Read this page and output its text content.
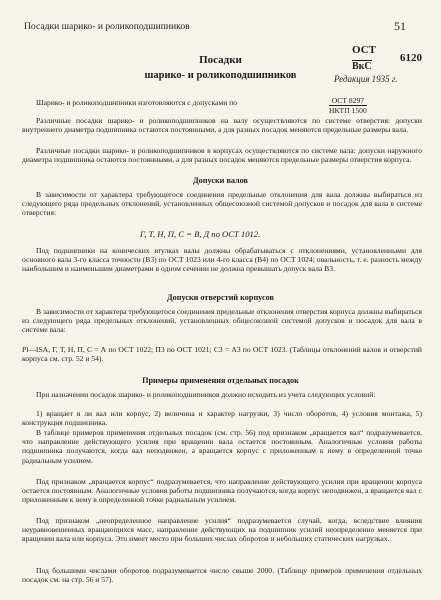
Посадки шарико- и роликоподшипников	51
Посадки
шарико- и роликоподшипников
ОСТ
ВкС
6120
Редакция 1935 г.

Шарико- и роликоподшипники изготовляются с допусками по	ОСТ 8297
НКТП 1500

Различные посадки шарико- и роликоподшипников на валу осуществляются по системе отверстия: допуски внутреннего диаметра подшипника остаются постоянными, а для разных посадок меняются предельные размеры вала.

Различные посадки шарико- и роликоподшипников в корпусах осуществляются по системе вала: допуски наружного диаметра подшипника остаются постоянными, а для разных посадок меняются предельные размеры отверстия корпуса.

Допуски валов

В зависимости от характера требующегося соединения предельные отклонения для вала должны выбираться из следующего ряда предельных отклонений, установленных общесоюзной системой допусков и посадок для вала в системе отверстия:

Г, Т, Н, П, С = В, Д по ОСТ 1012.

Под подшипники на конических втулках валы должны обрабатываться с отклонениями, установленными для основного вала 3-го класса точности (В3) по ОСТ 1023 или 4-го класса (В4) по ОСТ 1024; овальность, т. е. разность между наибольшим и наименьшим диаметрами в одном сечении не должна превышать допуск вала В3.

Допуски отверстий корпусов

В зависимости от характера требующегося соединения предельные отклонения отверстия корпуса должны выбираться из следующего ряда предельных отклонений, установленных общесоюзной системой допусков и посадок для вала в системе вала:

Pl—ISA, Г, Т, Н, П, С = А по ОСТ 1022; П3 по ОСТ 1021; С3 = А3 по ОСТ 1023. (Таблицы отклонений валов и отверстий корпуса см. стр. 52 и 54).

Примеры применения отдельных посадок

При назначении посадок шарико- и роликоподшипников должно исходить из учета следующих условий:

1) вращает я ли вал или корпус, 2) величина и характер нагрузки, 3) число оборотов, 4) условия монтажа, 5) конструкция подшипника.

В таблице примеров применения отдельных посадок (см. стр. 56) под признаком „вращается вал“ подразумевается, что направление действующего усилия при вращении вала остается постоянным. Аналогичные условия работы подшипника получаются, когда вал неподвижен, а вращается корпус с приложенным к нему в определенной точке радиальным усилием.

Под признаком „вращается корпус“ подразумевается, что направление действующего усилия при вращении корпуса остается постоянным. Аналогичные условия работы подшипника получаются, когда корпус неподвижен, а вращается вал с приложенным к нему в определенной точке радиальным усилием.

Под признаком „неопределенное направление усилия“ подразумевается случай, когда, вследствие влияния неуравновешенных вращающихся масс, направление действующих на подшипник усилий неопределенно меняется при вращении вала или корпуса. Это имеет место при больших числах оборотов и небольших статических нагрузках.

Под большими числами оборотов подразумевается число свыше 2000. (Таблицу примеров применения отдельных посадок см. на стр. 56 и 57).
